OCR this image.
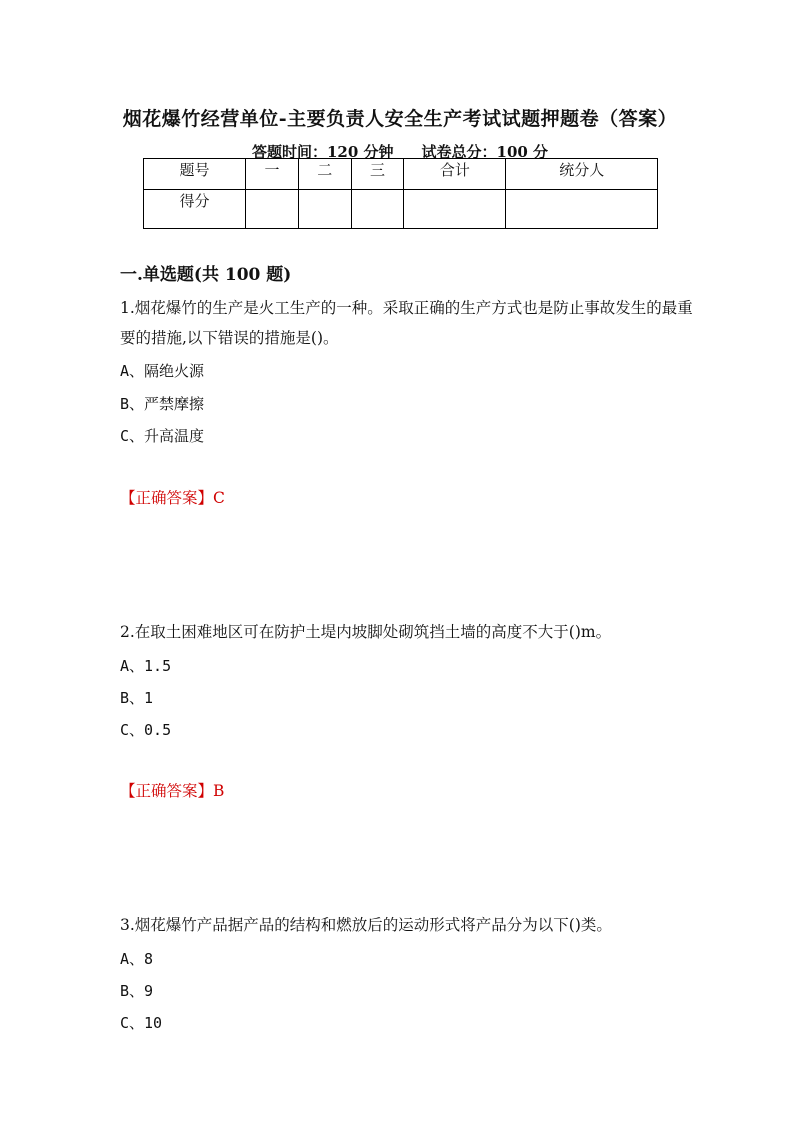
烟花爆竹经营单位-主要负责人安全生产考试试题押题卷（答案）
答题时间：120 分钟 试卷总分：100 分
题号	一	二	三	合计	统分人
得分					
一.单选题(共 100 题)
1.烟花爆竹的生产是火工生产的一种。采取正确的生产方式也是防止事故发生的最重要的措施,以下错误的措施是()。
A、隔绝火源
B、严禁摩擦
C、升高温度
【正确答案】C
2.在取土困难地区可在防护土堤内坡脚处砌筑挡土墙的高度不大于()m。
A、1.5
B、1
C、0.5
【正确答案】B
3.烟花爆竹产品据产品的结构和燃放后的运动形式将产品分为以下()类。
A、8
B、9
C、10
